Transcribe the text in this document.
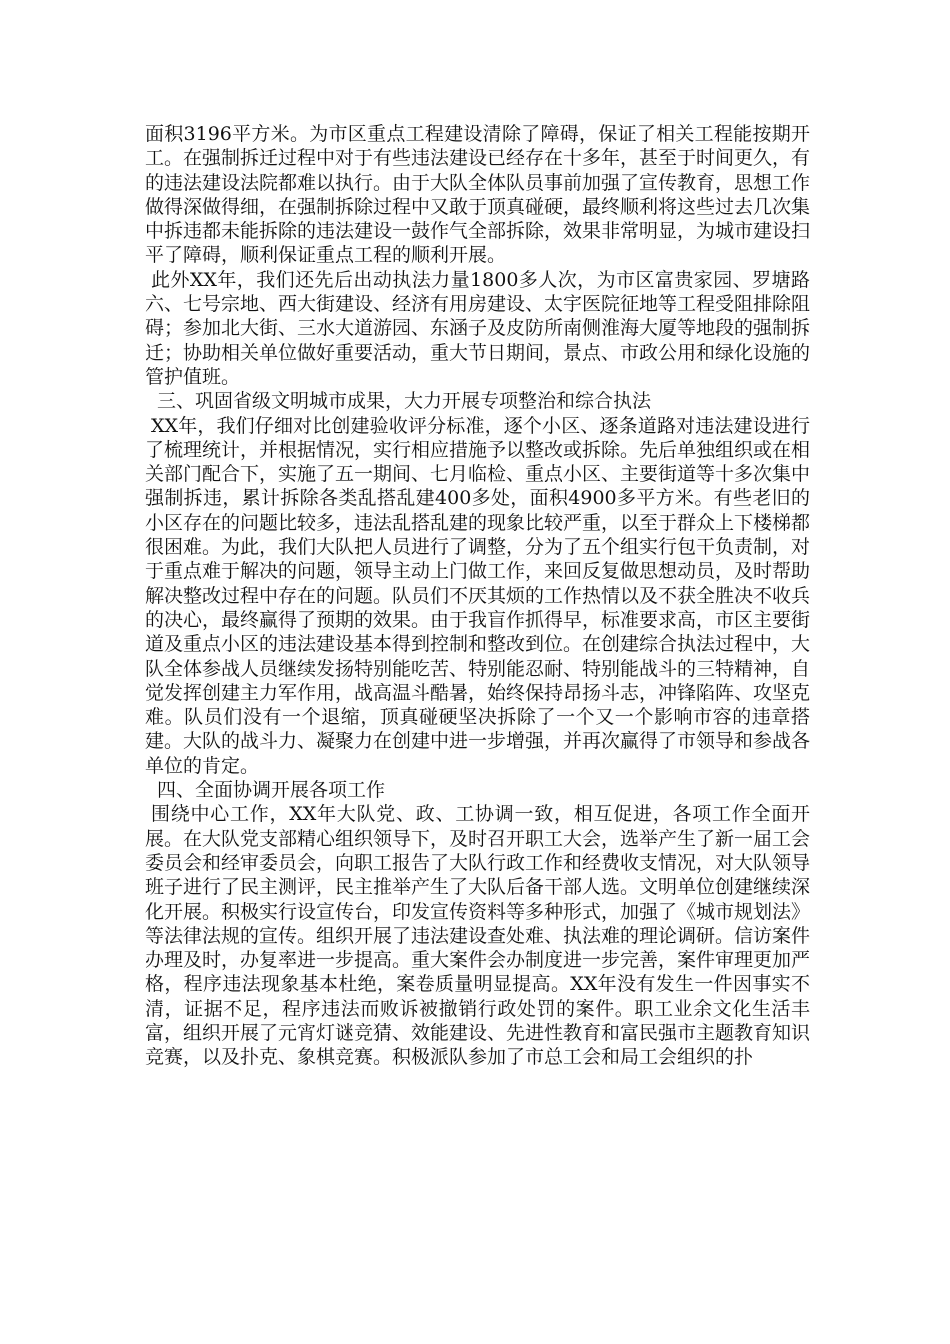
面积3196平方米。为市区重点工程建设清除了障碍，保证了相关工程能按期开工。在强制拆迁过程中对于有些违法建设已经存在十多年，甚至于时间更久，有的违法建设法院都难以执行。由于大队全体队员事前加强了宣传教育，思想工作做得深做得细，在强制拆除过程中又敢于顶真碰硬，最终顺利将这些过去几次集中拆违都未能拆除的违法建设一鼓作气全部拆除，效果非常明显，为城市建设扫平了障碍，顺利保证重点工程的顺利开展。

此外XX年，我们还先后出动执法力量1800多人次，为市区富贵家园、罗塘路六、七号宗地、西大街建设、经济有用房建设、太宇医院征地等工程受阻排除阻碍；参加北大街、三水大道游园、东涵子及皮防所南侧淮海大厦等地段的强制拆迁；协助相关单位做好重要活动，重大节日期间，景点、市政公用和绿化设施的管护值班。

三、巩固省级文明城市成果，大力开展专项整治和综合执法

XX年，我们仔细对比创建验收评分标准，逐个小区、逐条道路对违法建设进行了梳理统计，并根据情况，实行相应措施予以整改或拆除。先后单独组织或在相关部门配合下，实施了五一期间、七月临检、重点小区、主要街道等十多次集中强制拆违，累计拆除各类乱搭乱建400多处，面积4900多平方米。有些老旧的小区存在的问题比较多，违法乱搭乱建的现象比较严重，以至于群众上下楼梯都很困难。为此，我们大队把人员进行了调整，分为了五个组实行包干负责制，对于重点难于解决的问题，领导主动上门做工作，来回反复做思想动员，及时帮助解决整改过程中存在的问题。队员们不厌其烦的工作热情以及不获全胜决不收兵的决心，最终赢得了预期的效果。由于我盲作抓得早，标准要求高，市区主要街道及重点小区的违法建设基本得到控制和整改到位。在创建综合执法过程中，大队全体参战人员继续发扬特别能吃苦、特别能忍耐、特别能战斗的三特精神，自觉发挥创建主力军作用，战高温斗酷暑，始终保持昂扬斗志，冲锋陷阵、攻坚克难。队员们没有一个退缩，顶真碰硬坚决拆除了一个又一个影响市容的违章搭建。大队的战斗力、凝聚力在创建中进一步增强，并再次赢得了市领导和参战各单位的肯定。

四、全面协调开展各项工作

围绕中心工作，XX年大队党、政、工协调一致，相互促进，各项工作全面开展。在大队党支部精心组织领导下，及时召开职工大会，选举产生了新一届工会委员会和经审委员会，向职工报告了大队行政工作和经费收支情况，对大队领导班子进行了民主测评，民主推举产生了大队后备干部人选。文明单位创建继续深化开展。积极实行设宣传台，印发宣传资料等多种形式，加强了《城市规划法》等法律法规的宣传。组织开展了违法建设查处难、执法难的理论调研。信访案件办理及时，办复率进一步提高。重大案件会办制度进一步完善，案件审理更加严格，程序违法现象基本杜绝，案卷质量明显提高。XX年没有发生一件因事实不清，证据不足，程序违法而败诉被撤销行政处罚的案件。职工业余文化生活丰富，组织开展了元宵灯谜竞猜、效能建设、先进性教育和富民强市主题教育知识竞赛，以及扑克、象棋竞赛。积极派队参加了市总工会和局工会组织的扑
